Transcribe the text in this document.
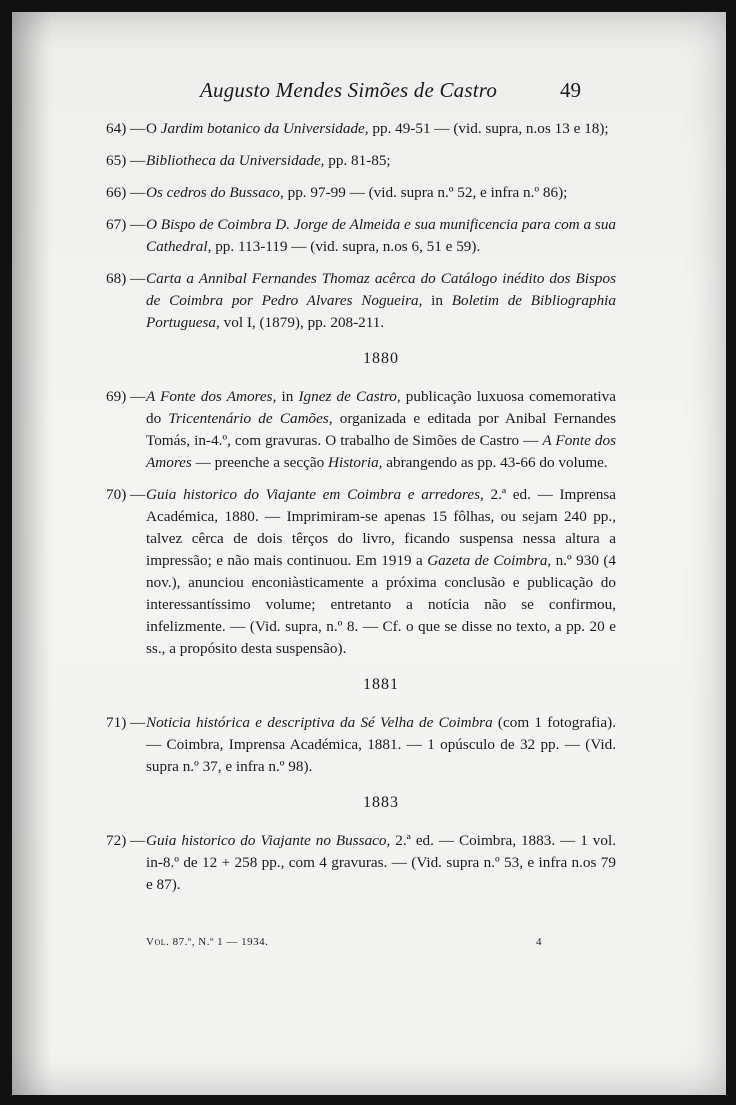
Augusto Mendes Simões de Castro	49
64) — O Jardim botanico da Universidade, pp. 49-51 — (vid. supra, n.os 13 e 18);
65) — Bibliotheca da Universidade, pp. 81-85;
66) — Os cedros do Bussaco, pp. 97-99 — (vid. supra n.º 52, e infra n.º 86);
67) — O Bispo de Coimbra D. Jorge de Almeida e sua munificencia para com a sua Cathedral, pp. 113-119 — (vid. supra, n.os 6, 51 e 59).
68) — Carta a Annibal Fernandes Thomaz acêrca do Catálogo inédito dos Bispos de Coimbra por Pedro Alvares Nogueira, in Boletim de Bibliographia Portuguesa, vol I, (1879), pp. 208-211.
1880
69) — A Fonte dos Amores, in Ignez de Castro, publicação luxuosa comemorativa do Tricentenário de Camões, organizada e editada por Anibal Fernandes Tomás, in-4.º, com gravuras. O trabalho de Simões de Castro — A Fonte dos Amores — preenche a secção Historia, abrangendo as pp. 43-66 do volume.
70) — Guia historico do Viajante em Coimbra e arredores, 2.ª ed. — Imprensa Académica, 1880. — Imprimiram-se apenas 15 fôlhas, ou sejam 240 pp., talvez cêrca de dois têrços do livro, ficando suspensa nessa altura a impressão; e não mais continuou. Em 1919 a Gazeta de Coimbra, n.º 930 (4 nov.), anunciou enconiàsticamente a próxima conclusão e publicação do interessantíssimo volume; entretanto a notícia não se confirmou, infelizmente. — (Vid. supra, n.º 8. — Cf. o que se disse no texto, a pp. 20 e ss., a propósito desta suspensão).
1881
71) — Noticia histórica e descriptiva da Sé Velha de Coimbra (com 1 fotografia). — Coimbra, Imprensa Académica, 1881. — 1 opúsculo de 32 pp. — (Vid. supra n.º 37, e infra n.º 98).
1883
72) — Guia historico do Viajante no Bussaco, 2.ª ed. — Coimbra, 1883. — 1 vol. in-8.º de 12 + 258 pp., com 4 gravuras. — (Vid. supra n.º 53, e infra n.os 79 e 87).
Vol. 87.º, N.º 1 — 1934.	4
